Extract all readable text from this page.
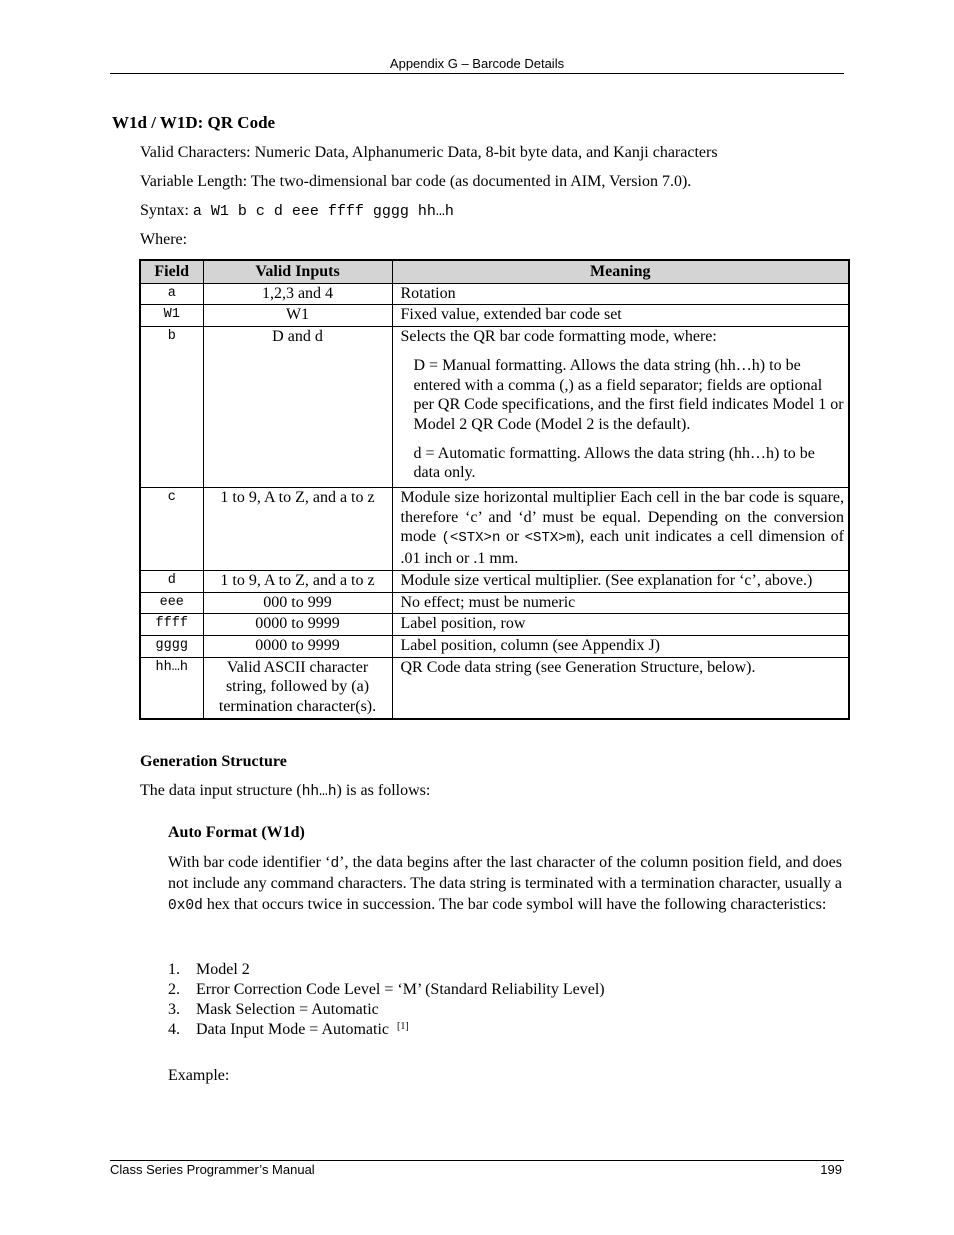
Appendix G – Barcode Details
W1d / W1D: QR Code
Valid Characters: Numeric Data, Alphanumeric Data, 8-bit byte data, and Kanji characters
Variable Length: The two-dimensional bar code (as documented in AIM, Version 7.0).
Syntax: a W1 b c d eee ffff gggg hh…h
Where:
Field	Valid Inputs	Meaning
a	1,2,3 and 4	Rotation
W1	W1	Fixed value, extended bar code set
b	D and d	Selects the QR bar code formatting mode, where:
D = Manual formatting. Allows the data string (hh…h) to be entered with a comma (,) as a field separator; fields are optional per QR Code specifications, and the first field indicates Model 1 or Model 2 QR Code (Model 2 is the default).
d = Automatic formatting. Allows the data string (hh…h) to be data only.

c	1 to 9, A to Z, and a to z	Module size horizontal multiplier Each cell in the bar code is square, therefore ‘c’ and ‘d’ must be equal. Depending on the conversion mode (<STX>n or <STX>m), each unit indicates a cell dimension of .01 inch or .1 mm.
d	1 to 9, A to Z, and a to z	Module size vertical multiplier. (See explanation for ‘c’, above.)
eee	000 to 999	No effect; must be numeric
ffff	0000 to 9999	Label position, row
gggg	0000 to 9999	Label position, column (see Appendix J)
hh…h	Valid ASCII character string, followed by (a) termination character(s).	QR Code data string (see Generation Structure, below).
Generation Structure
The data input structure (hh…h) is as follows:
Auto Format (W1d)
With bar code identifier ‘d’, the data begins after the last character of the column position field, and does not include any command characters. The data string is terminated with a termination character, usually a 0x0d hex that occurs twice in succession. The bar code symbol will have the following characteristics:
1.	Model 2
2.	Error Correction Code Level = ‘M’ (Standard Reliability Level)
3.	Mask Selection = Automatic
4.	Data Input Mode = Automatic  [1]
Example:
Class Series Programmer’s Manual	199
